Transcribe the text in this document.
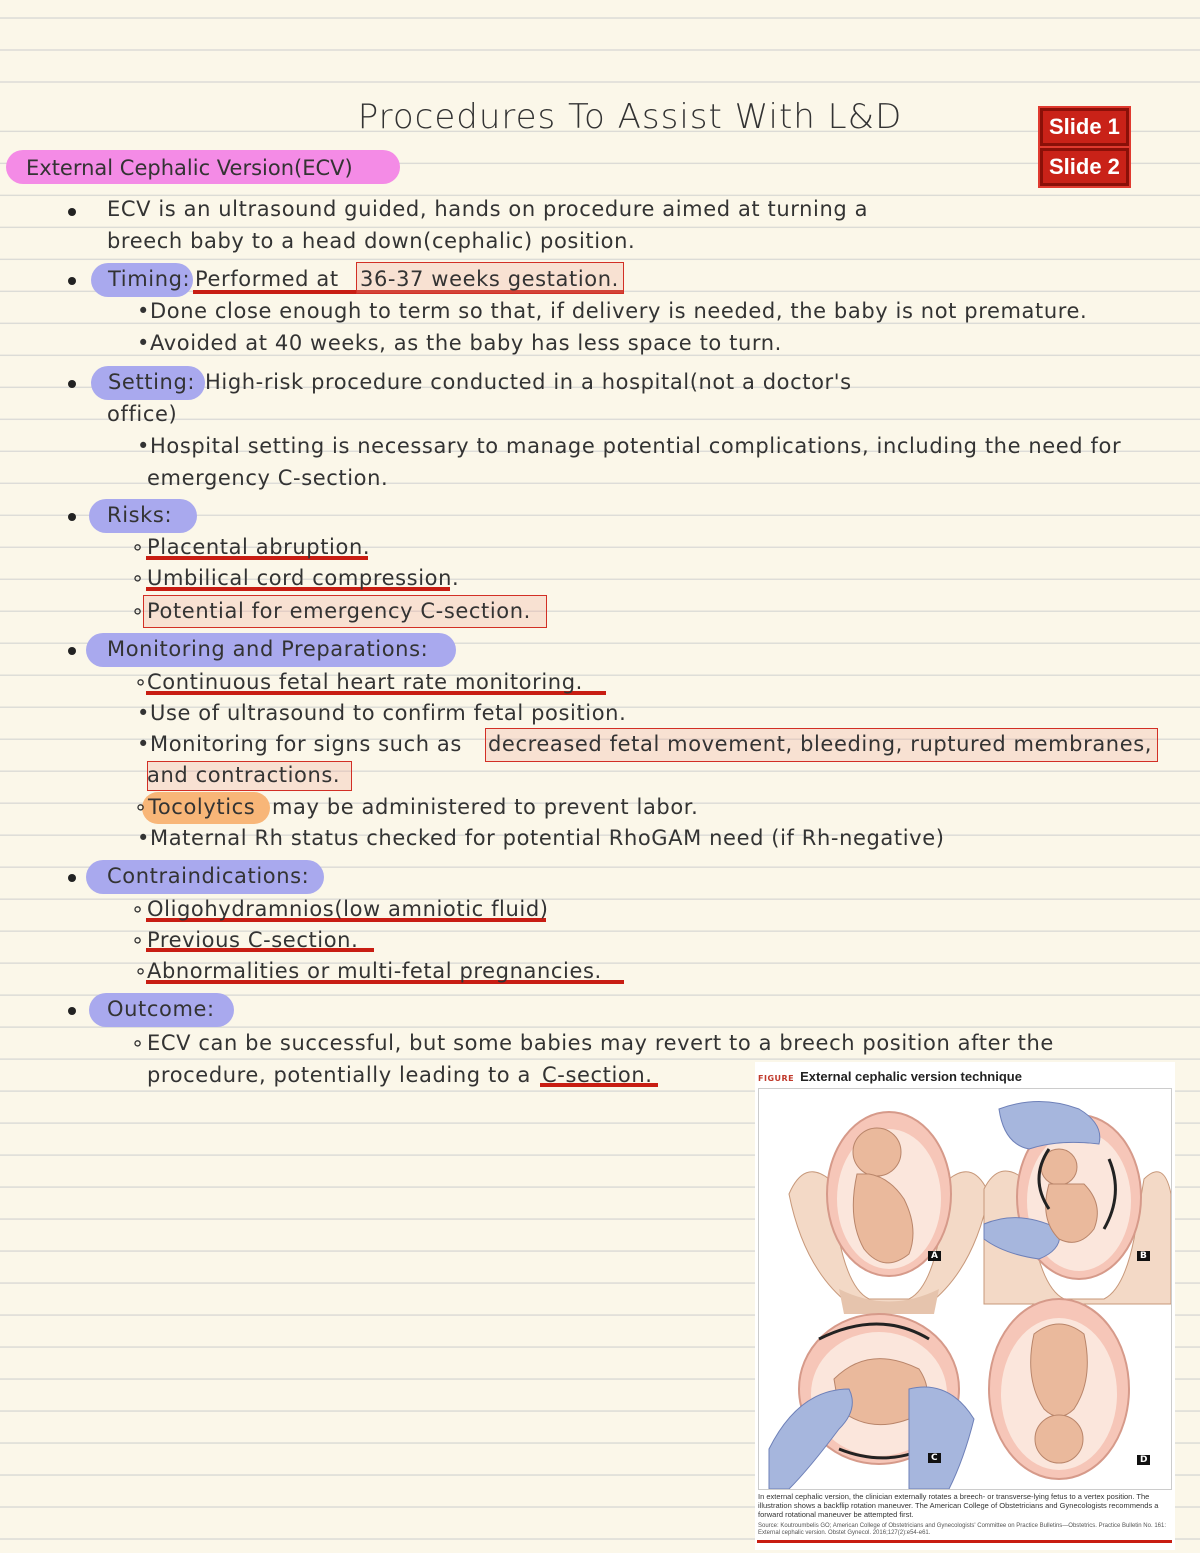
Procedures To Assist With L&D	Slide 1
Slide 2
External Cephalic Version(ECV)
ECV is an ultrasound guided, hands on procedure aimed at turning a
breech baby to a head down(cephalic) position.
Timing: Performed at 36-37 weeks gestation.
•Done close enough to term so that, if delivery is needed, the baby is not premature.
•Avoided at 40 weeks, as the baby has less space to turn.
Setting: High-risk procedure conducted in a hospital(not a doctor's
office)
•Hospital setting is necessary to manage potential complications, including the need for
emergency C-section.
Risks:
∘ Placental abruption.
∘ Umbilical cord compression.
∘ Potential for emergency C-section.
Monitoring and Preparations:
∘ Continuous fetal heart rate monitoring.
•Use of ultrasound to confirm fetal position.
•Monitoring for signs such as decreased fetal movement, bleeding, ruptured membranes,
and contractions.
∘ Tocolytics may be administered to prevent labor.
•Maternal Rh status checked for potential RhoGAM need (if Rh-negative)
Contraindications:
∘ Oligohydramnios(low amniotic fluid)
∘ Previous C-section.
∘ Abnormalities or multi-fetal pregnancies.
Outcome:
∘ ECV can be successful, but some babies may revert to a breech position after the
procedure, potentially leading to a C-section.	FIGURE External cephalic version technique
A	B
C	D
In external cephalic version, the clinician externally rotates a breech- or transverse-lying fetus to a vertex position. The illustration shows a backflip rotation maneuver. The American College of Obstetricians and Gynecologists recommends a forward rotational maneuver be attempted first.
Source: Koutroumbelis GO; American College of Obstetricians and Gynecologists' Committee on Practice Bulletins—Obstetrics. Practice Bulletin No. 161: External cephalic version. Obstet Gynecol. 2016;127(2):e54-e61.
